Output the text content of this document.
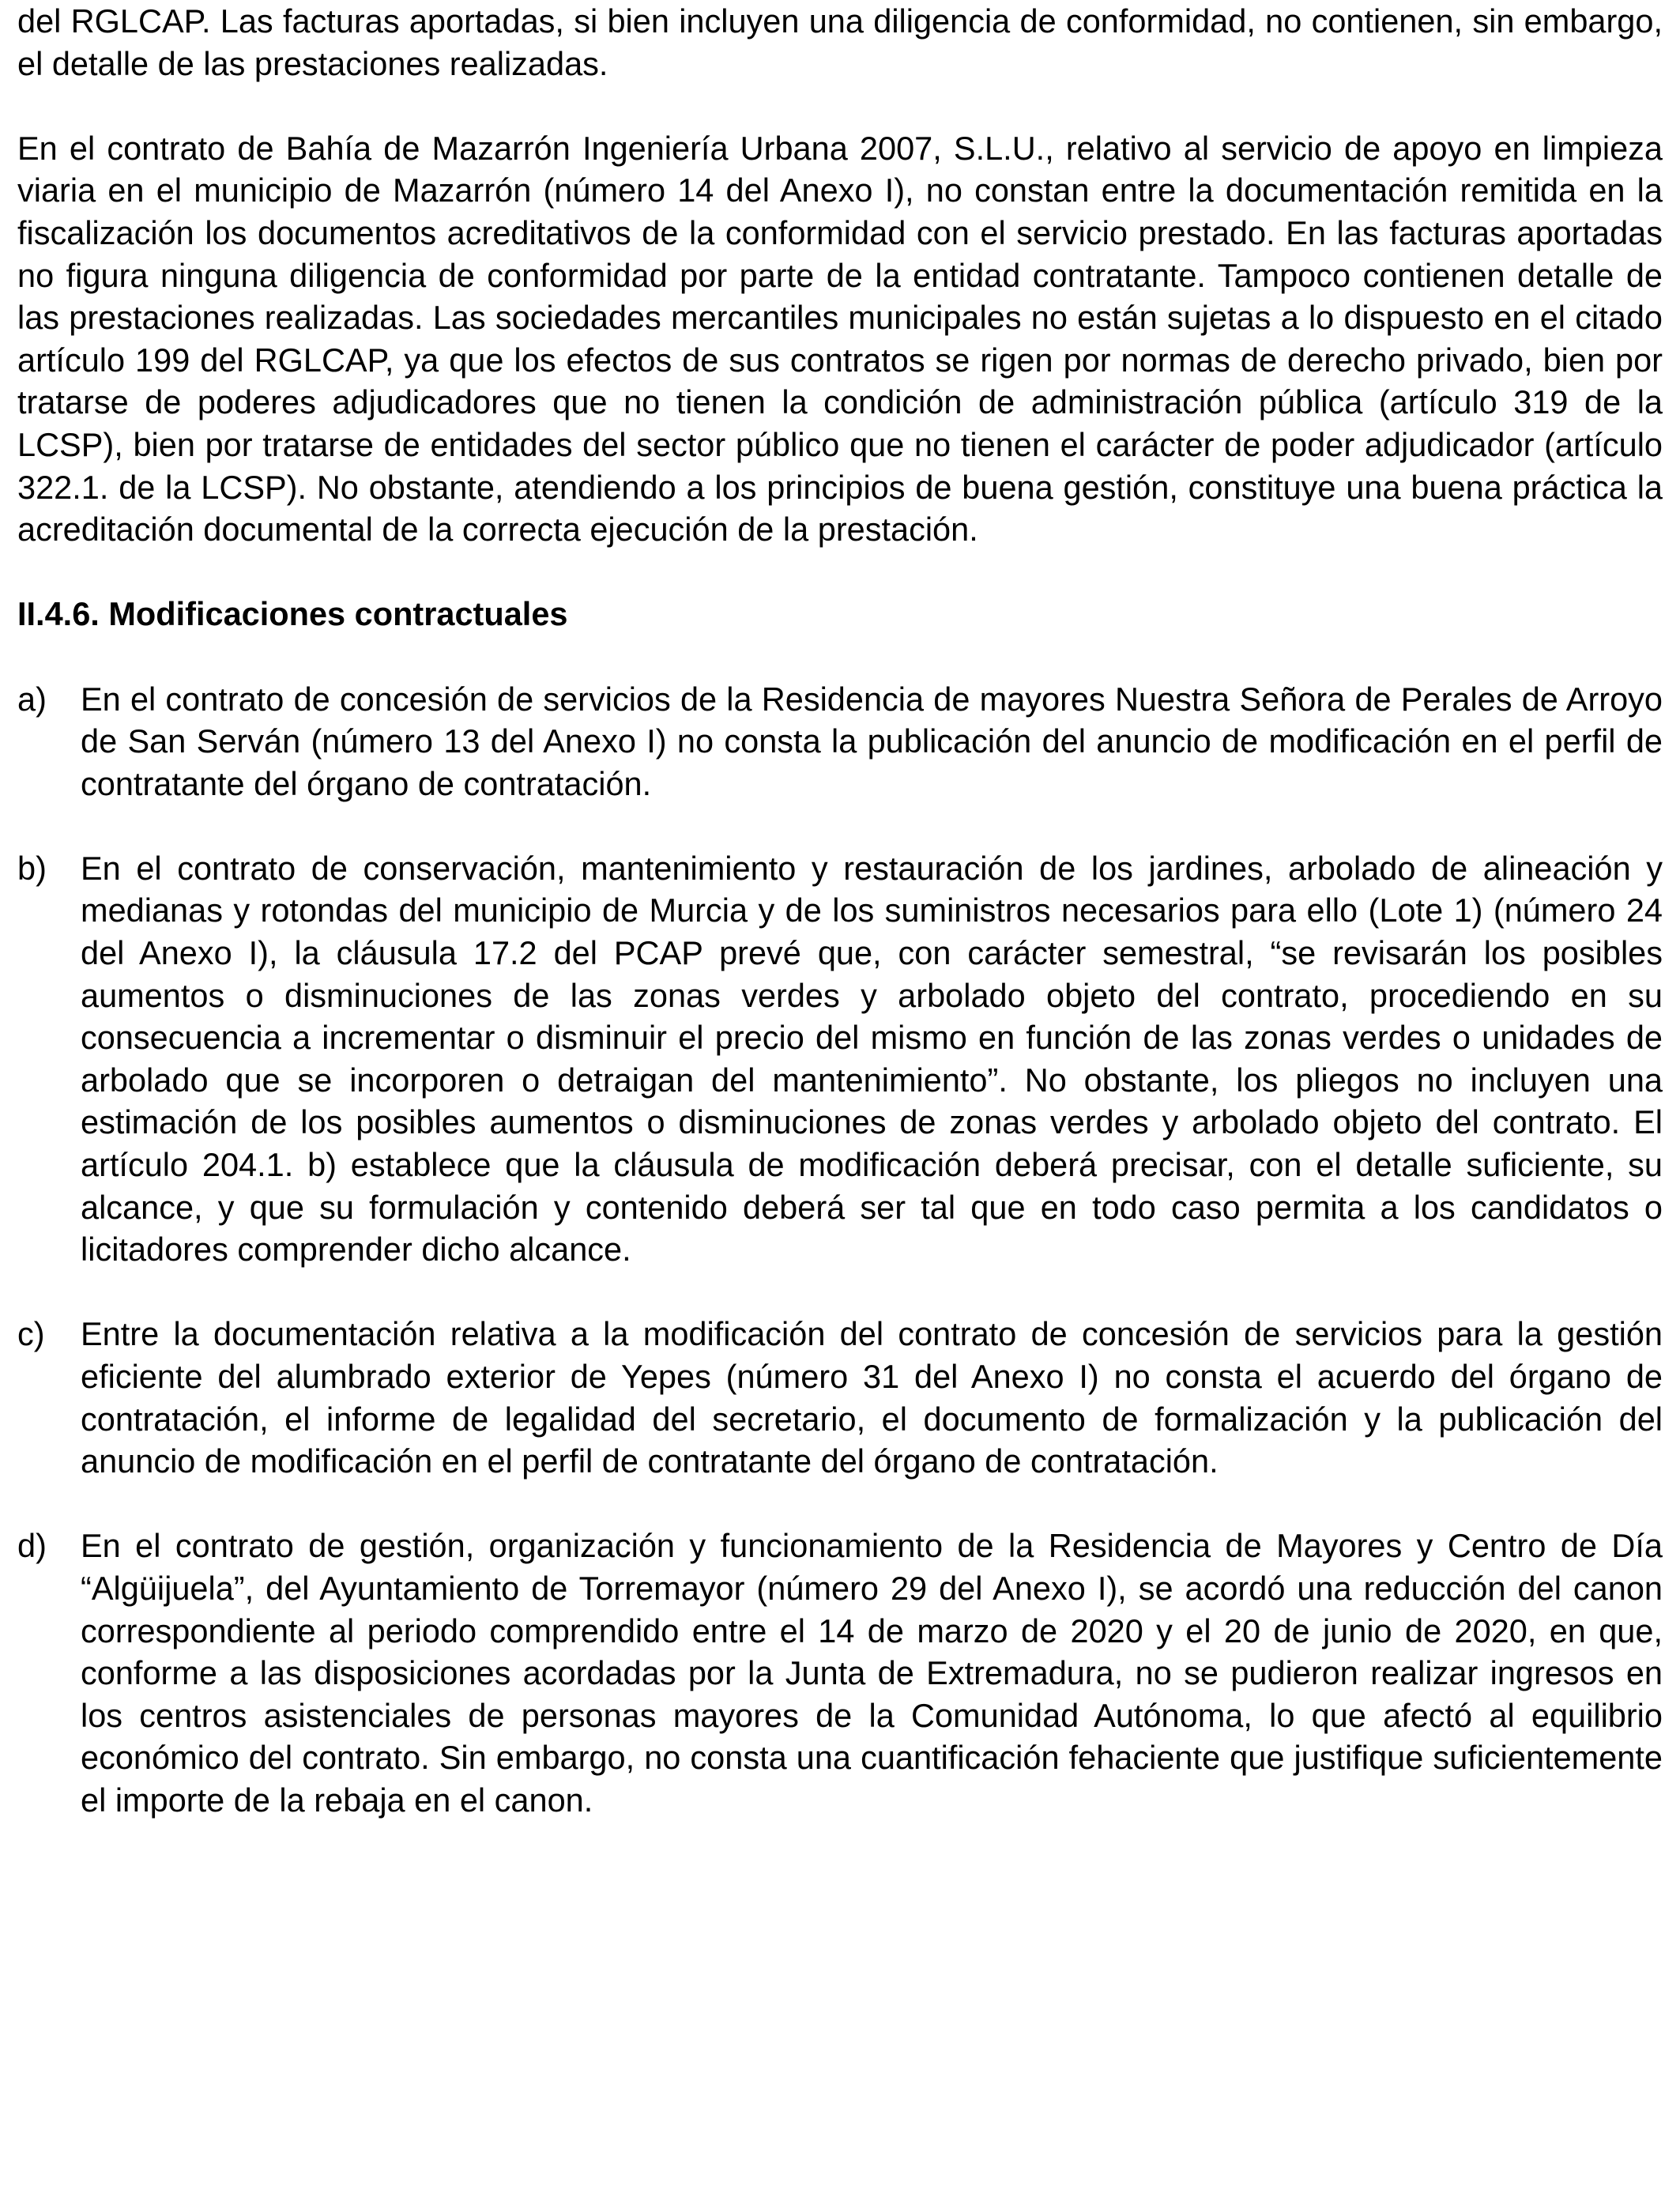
del RGLCAP. Las facturas aportadas, si bien incluyen una diligencia de conformidad, no contienen, sin embargo, el detalle de las prestaciones realizadas.

En el contrato de Bahía de Mazarrón Ingeniería Urbana 2007, S.L.U., relativo al servicio de apoyo en limpieza viaria en el municipio de Mazarrón (número 14 del Anexo I), no constan entre la documentación remitida en la fiscalización los documentos acreditativos de la conformidad con el servicio prestado. En las facturas aportadas no figura ninguna diligencia de conformidad por parte de la entidad contratante. Tampoco contienen detalle de las prestaciones realizadas. Las sociedades mercantiles municipales no están sujetas a lo dispuesto en el citado artículo 199 del RGLCAP, ya que los efectos de sus contratos se rigen por normas de derecho privado, bien por tratarse de poderes adjudicadores que no tienen la condición de administración pública (artículo 319 de la LCSP), bien por tratarse de entidades del sector público que no tienen el carácter de poder adjudicador (artículo 322.1. de la LCSP). No obstante, atendiendo a los principios de buena gestión, constituye una buena práctica la acreditación documental de la correcta ejecución de la prestación.

II.4.6. Modificaciones contractuales

a) En el contrato de concesión de servicios de la Residencia de mayores Nuestra Señora de Perales de Arroyo de San Serván (número 13 del Anexo I) no consta la publicación del anuncio de modificación en el perfil de contratante del órgano de contratación.

b) En el contrato de conservación, mantenimiento y restauración de los jardines, arbolado de alineación y medianas y rotondas del municipio de Murcia y de los suministros necesarios para ello (Lote 1) (número 24 del Anexo I), la cláusula 17.2 del PCAP prevé que, con carácter semestral, “se revisarán los posibles aumentos o disminuciones de las zonas verdes y arbolado objeto del contrato, procediendo en su consecuencia a incrementar o disminuir el precio del mismo en función de las zonas verdes o unidades de arbolado que se incorporen o detraigan del mantenimiento”. No obstante, los pliegos no incluyen una estimación de los posibles aumentos o disminuciones de zonas verdes y arbolado objeto del contrato. El artículo 204.1. b) establece que la cláusula de modificación deberá precisar, con el detalle suficiente, su alcance, y que su formulación y contenido deberá ser tal que en todo caso permita a los candidatos o licitadores comprender dicho alcance.

c) Entre la documentación relativa a la modificación del contrato de concesión de servicios para la gestión eficiente del alumbrado exterior de Yepes (número 31 del Anexo I) no consta el acuerdo del órgano de contratación, el informe de legalidad del secretario, el documento de formalización y la publicación del anuncio de modificación en el perfil de contratante del órgano de contratación.

d) En el contrato de gestión, organización y funcionamiento de la Residencia de Mayores y Centro de Día “Algüijuela”, del Ayuntamiento de Torremayor (número 29 del Anexo I), se acordó una reducción del canon correspondiente al periodo comprendido entre el 14 de marzo de 2020 y el 20 de junio de 2020, en que, conforme a las disposiciones acordadas por la Junta de Extremadura, no se pudieron realizar ingresos en los centros asistenciales de personas mayores de la Comunidad Autónoma, lo que afectó al equilibrio económico del contrato. Sin embargo, no consta una cuantificación fehaciente que justifique suficientemente el importe de la rebaja en el canon.
